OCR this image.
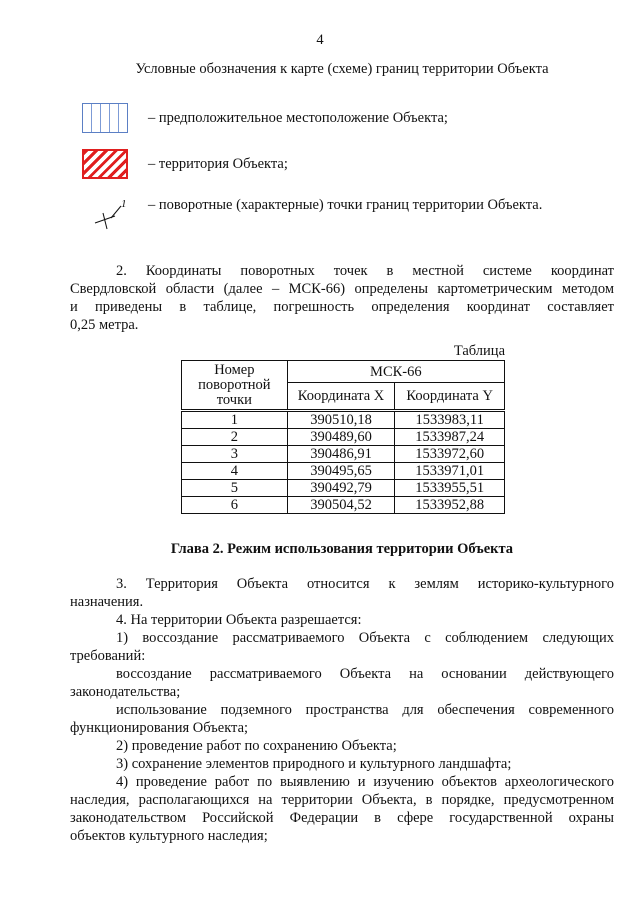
4
Условные обозначения к карте (схеме) границ территории Объекта
– предположительное местоположение Объекта;
– территория Объекта;
1 – поворотные (характерные) точки границ территории Объекта.
2. Координаты поворотных точек в местной системе координат
Свердловской области (далее – МСК-66) определены картометрическим методом
и приведены в таблице, погрешность определения координат составляет
0,25 метра.
Таблица
Номер
поворотной
точки	МСК-66	
	Координата X	Координата Y
1	390510,18	1533983,11
2	390489,60	1533987,24
3	390486,91	1533972,60
4	390495,65	1533971,01
5	390492,79	1533955,51
6	390504,52	1533952,88
Глава 2. Режим использования территории Объекта
3. Территория Объекта относится к землям историко-культурного
назначения.
4. На территории Объекта разрешается:
1) воссоздание рассматриваемого Объекта с соблюдением следующих
требований:
воссоздание рассматриваемого Объекта на основании действующего
законодательства;
использование подземного пространства для обеспечения современного
функционирования Объекта;
2) проведение работ по сохранению Объекта;
3) сохранение элементов природного и культурного ландшафта;
4) проведение работ по выявлению и изучению объектов археологического
наследия, располагающихся на территории Объекта, в порядке, предусмотренном
законодательством Российской Федерации в сфере государственной охраны
объектов культурного наследия;
